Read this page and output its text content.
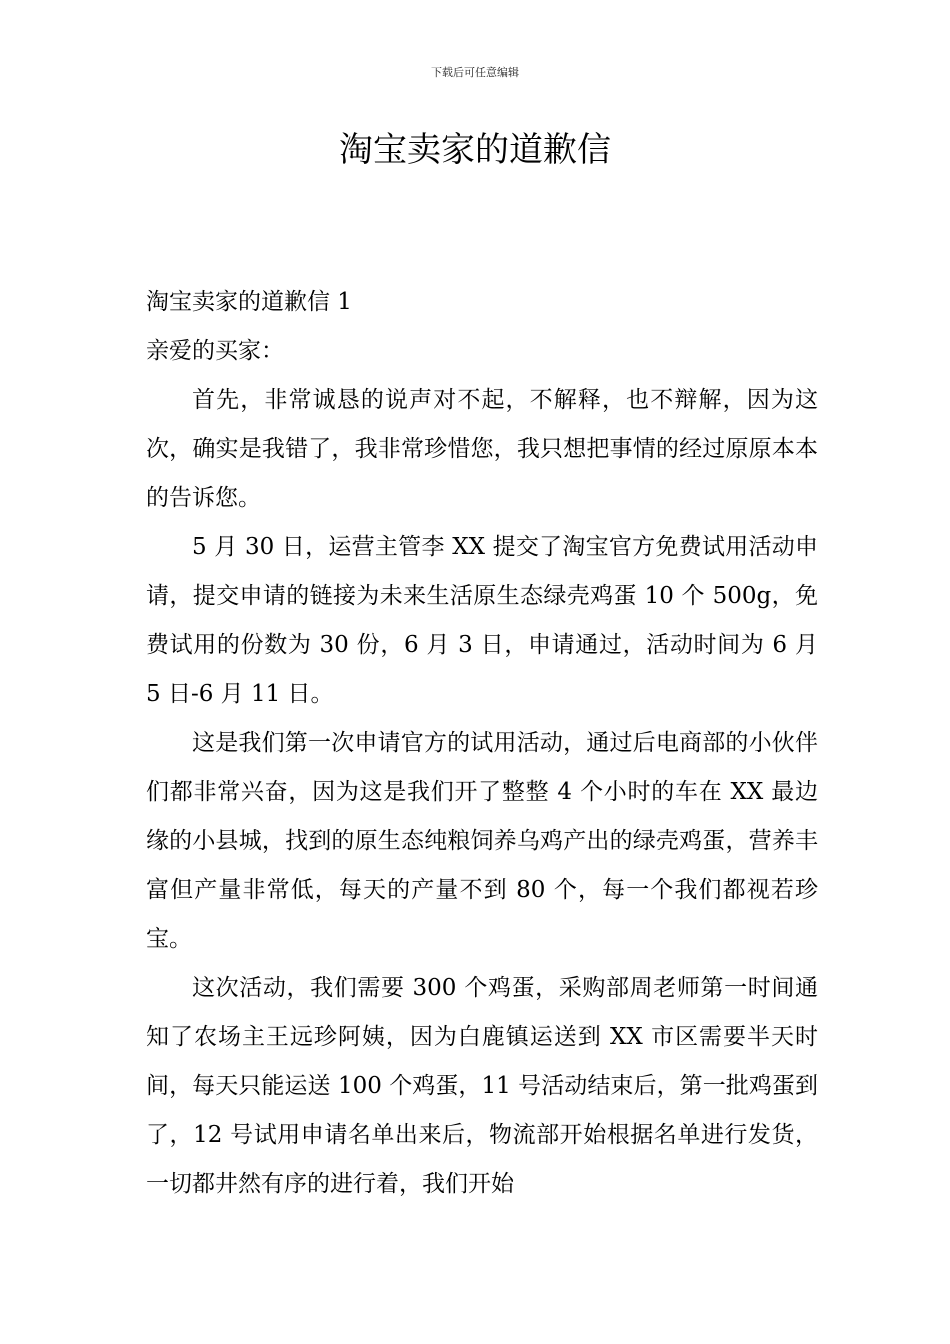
下载后可任意编辑
淘宝卖家的道歉信

淘宝卖家的道歉信 1

亲爱的买家：

首先，非常诚恳的说声对不起，不解释，也不辩解，因为这次，确实是我错了，我非常珍惜您，我只想把事情的经过原原本本的告诉您。

5 月 30 日，运营主管李 XX 提交了淘宝官方免费试用活动申请，提交申请的链接为未来生活原生态绿壳鸡蛋 10 个 500g，免费试用的份数为 30 份，6 月 3 日，申请通过，活动时间为 6 月 5 日-6 月 11 日。

这是我们第一次申请官方的试用活动，通过后电商部的小伙伴们都非常兴奋，因为这是我们开了整整 4 个小时的车在 XX 最边缘的小县城，找到的原生态纯粮饲养乌鸡产出的绿壳鸡蛋，营养丰富但产量非常低，每天的产量不到 80 个，每一个我们都视若珍宝。

这次活动，我们需要 300 个鸡蛋，采购部周老师第一时间通知了农场主王远珍阿姨，因为白鹿镇运送到 XX 市区需要半天时间，每天只能运送 100 个鸡蛋，11 号活动结束后，第一批鸡蛋到了，12 号试用申请名单出来后，物流部开始根据名单进行发货，一切都井然有序的进行着，我们开始
